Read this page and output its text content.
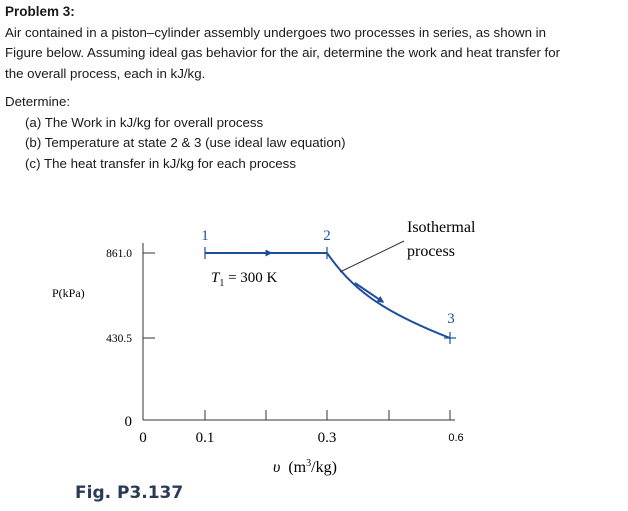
Problem 3:
Air contained in a piston–cylinder assembly undergoes two processes in series, as shown in
Figure below. Assuming ideal gas behavior for the air, determine the work and heat transfer for
the overall process, each in kJ/kg.
Determine:
(a) The Work in kJ/kg for overall process
(b) Temperature at state 2 & 3 (use ideal law equation)
(c) The heat transfer in kJ/kg for each process
861.0
430.5
0
P(kPa)
0	0.1	0.3	0.6
υ $(m^3/kg)$
1	2
3
$T_1 = 300$ K
Isothermal
process
Fig. P3.137
